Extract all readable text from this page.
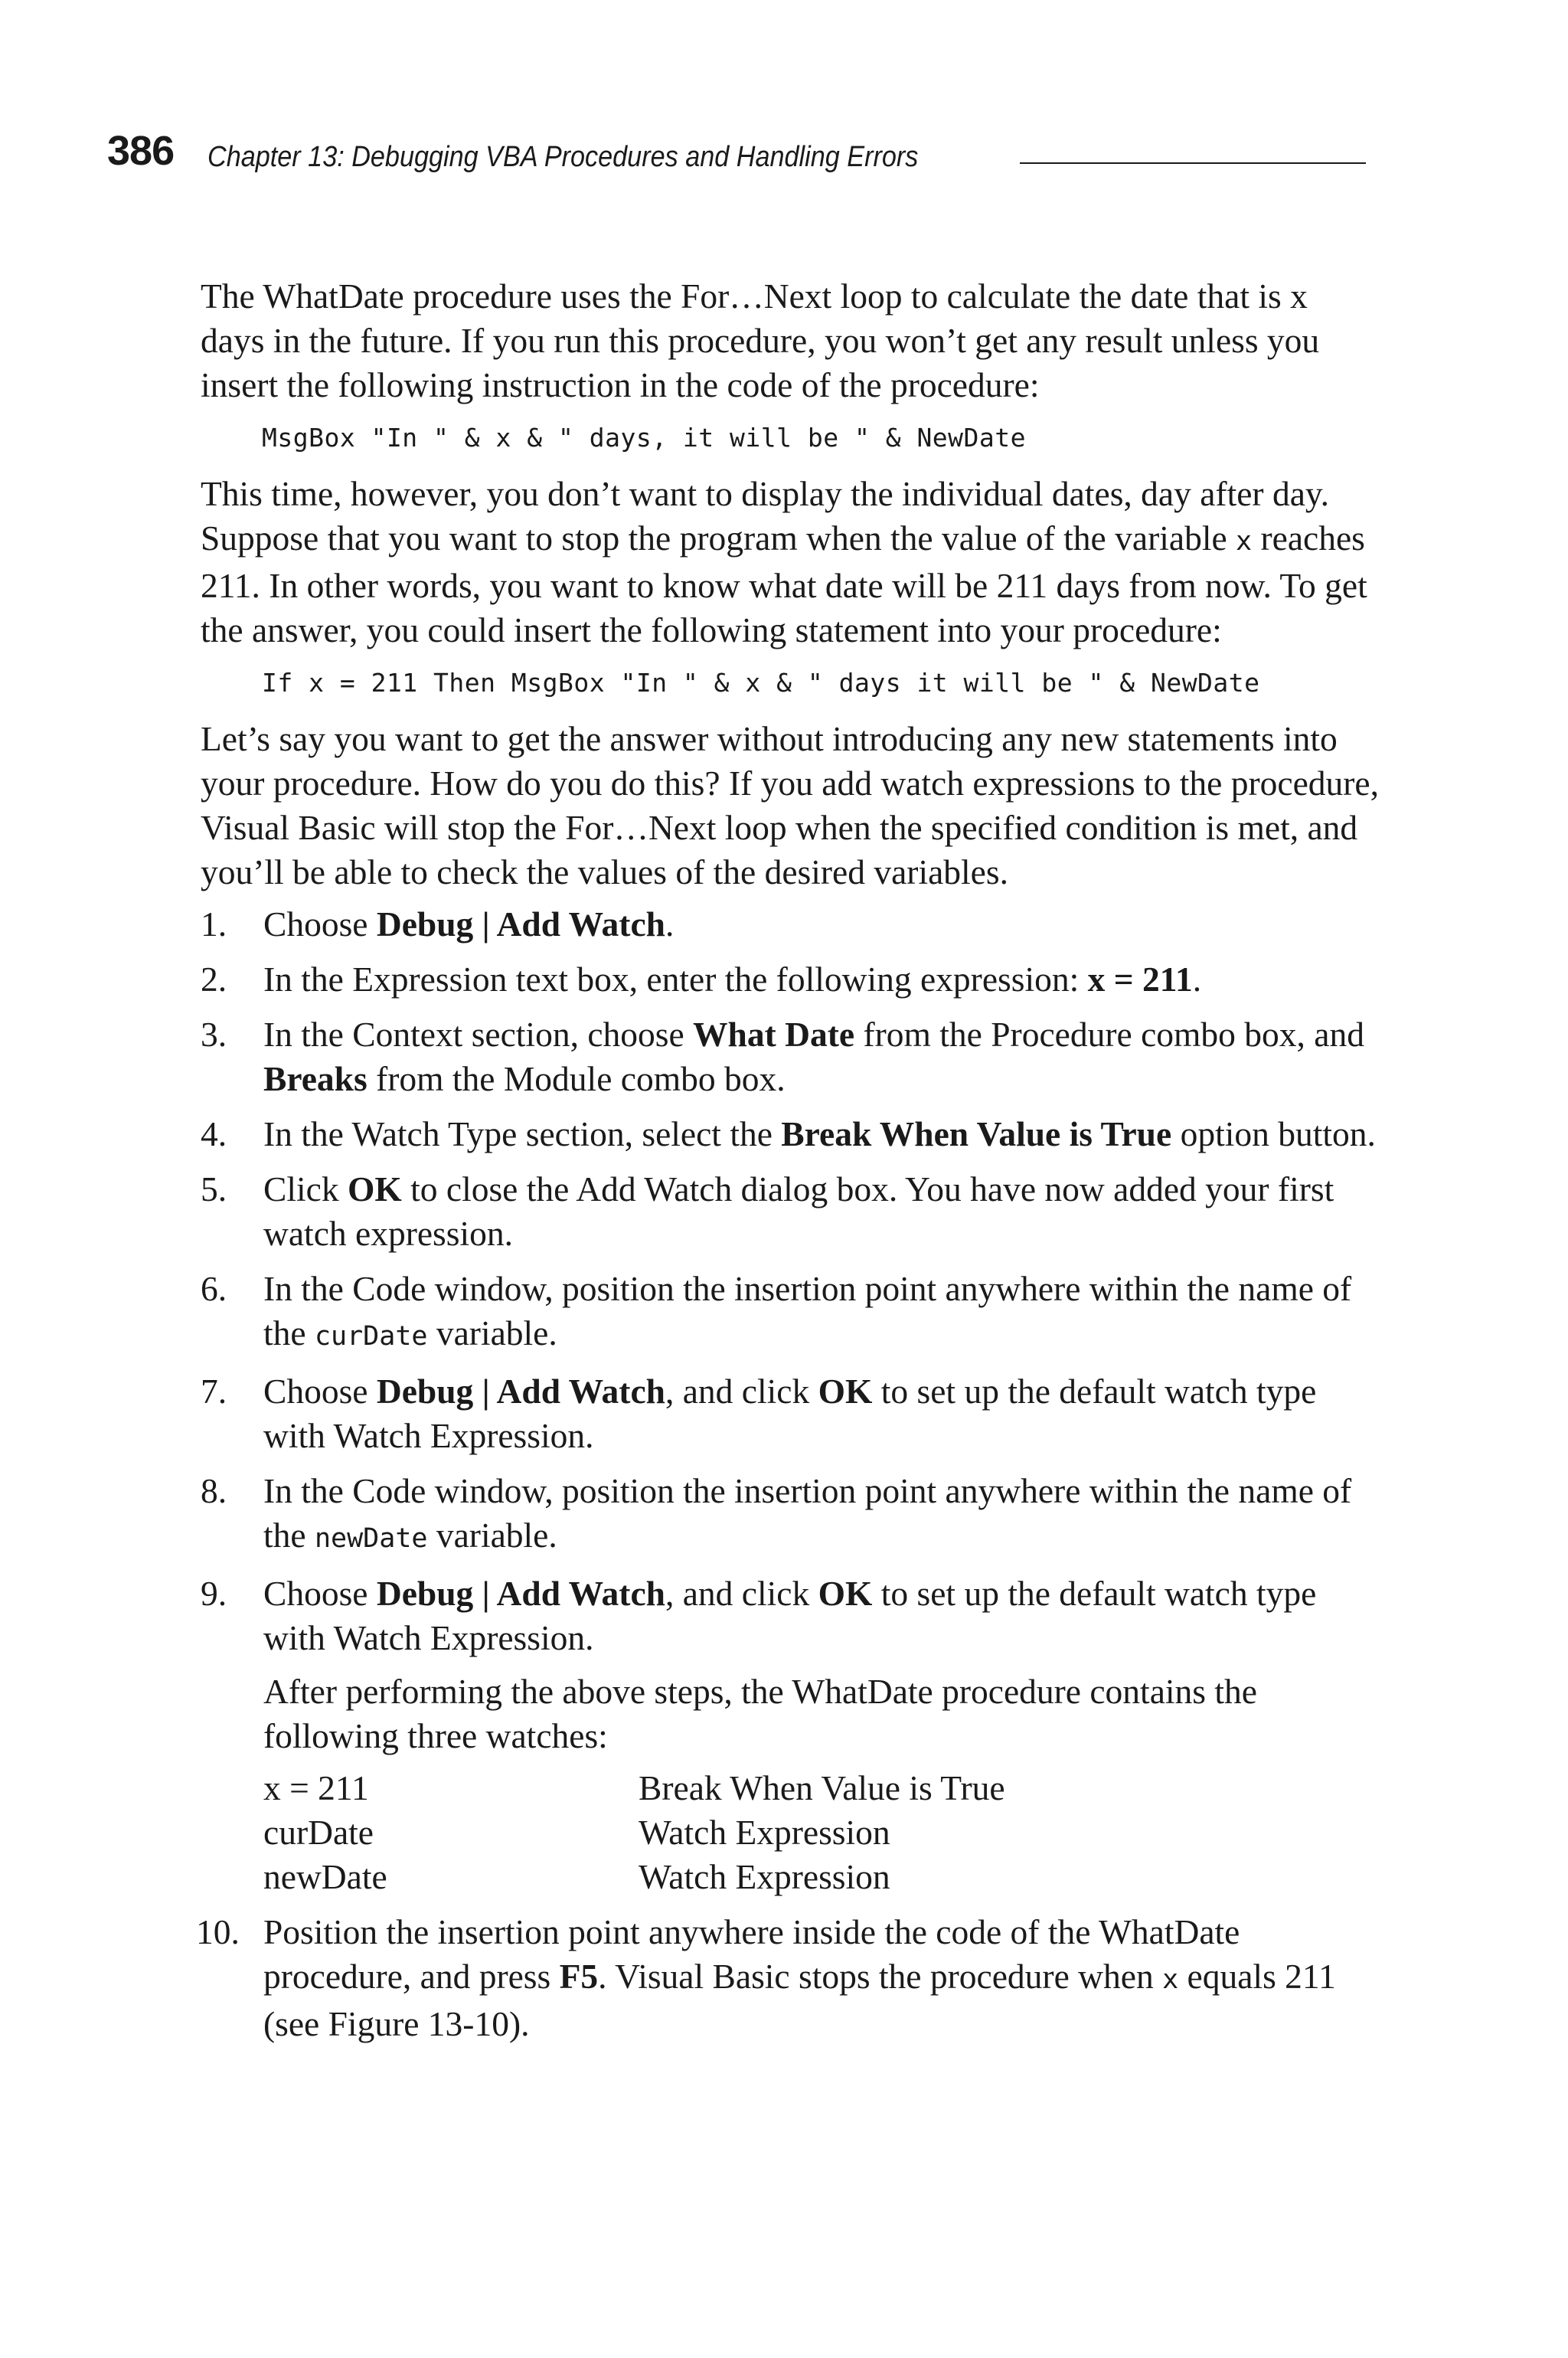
386 Chapter 13: Debugging VBA Procedures and Handling Errors

The WhatDate procedure uses the For…Next loop to calculate the date that is x days in the future. If you run this procedure, you won’t get any result unless you insert the following instruction in the code of the procedure:

MsgBox "In " & x & " days, it will be " & NewDate

This time, however, you don’t want to display the individual dates, day after day. Suppose that you want to stop the program when the value of the variable x reaches 211. In other words, you want to know what date will be 211 days from now. To get the answer, you could insert the following statement into your procedure:

If x = 211 Then MsgBox "In " & x & " days it will be " & NewDate

Let’s say you want to get the answer without introducing any new statements into your procedure. How do you do this? If you add watch expressions to the procedure, Visual Basic will stop the For…Next loop when the specified condition is met, and you’ll be able to check the values of the desired variables.

1. Choose Debug | Add Watch.
2. In the Expression text box, enter the following expression: x = 211.
3. In the Context section, choose What Date from the Procedure combo box, and Breaks from the Module combo box.
4. In the Watch Type section, select the Break When Value is True option button.
5. Click OK to close the Add Watch dialog box. You have now added your first watch expression.
6. In the Code window, position the insertion point anywhere within the name of the curDate variable.
7. Choose Debug | Add Watch, and click OK to set up the default watch type with Watch Expression.
8. In the Code window, position the insertion point anywhere within the name of the newDate variable.
9. Choose Debug | Add Watch, and click OK to set up the default watch type with Watch Expression.

After performing the above steps, the WhatDate procedure contains the following three watches:

x = 211	Break When Value is True
curDate	Watch Expression
newDate	Watch Expression
10. Position the insertion point anywhere inside the code of the WhatDate procedure, and press F5. Visual Basic stops the procedure when x equals 211 (see Figure 13-10).
